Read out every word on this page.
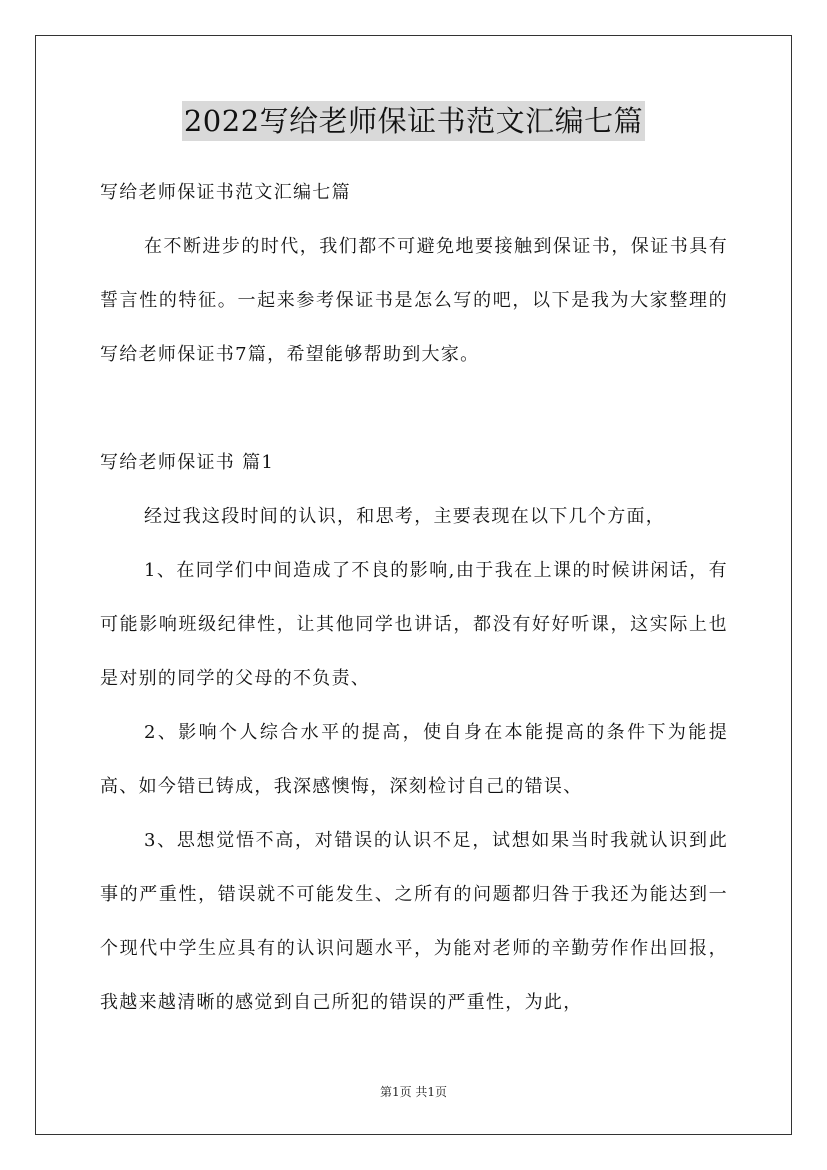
2022写给老师保证书范文汇编七篇

写给老师保证书范文汇编七篇

在不断进步的时代，我们都不可避免地要接触到保证书，保证书具有誓言性的特征。一起来参考保证书是怎么写的吧，以下是我为大家整理的写给老师保证书7篇，希望能够帮助到大家。

写给老师保证书 篇1

经过我这段时间的认识，和思考，主要表现在以下几个方面，

1、在同学们中间造成了不良的影响,由于我在上课的时候讲闲话，有可能影响班级纪律性，让其他同学也讲话，都没有好好听课，这实际上也是对别的同学的父母的不负责、

2、影响个人综合水平的提高，使自身在本能提高的条件下为能提高、如今错已铸成，我深感懊悔，深刻检讨自己的错误、

3、思想觉悟不高，对错误的认识不足，试想如果当时我就认识到此事的严重性，错误就不可能发生、之所有的问题都归咎于我还为能达到一个现代中学生应具有的认识问题水平，为能对老师的辛勤劳作作出回报，我越来越清晰的感觉到自己所犯的错误的严重性，为此，

第1页 共1页
